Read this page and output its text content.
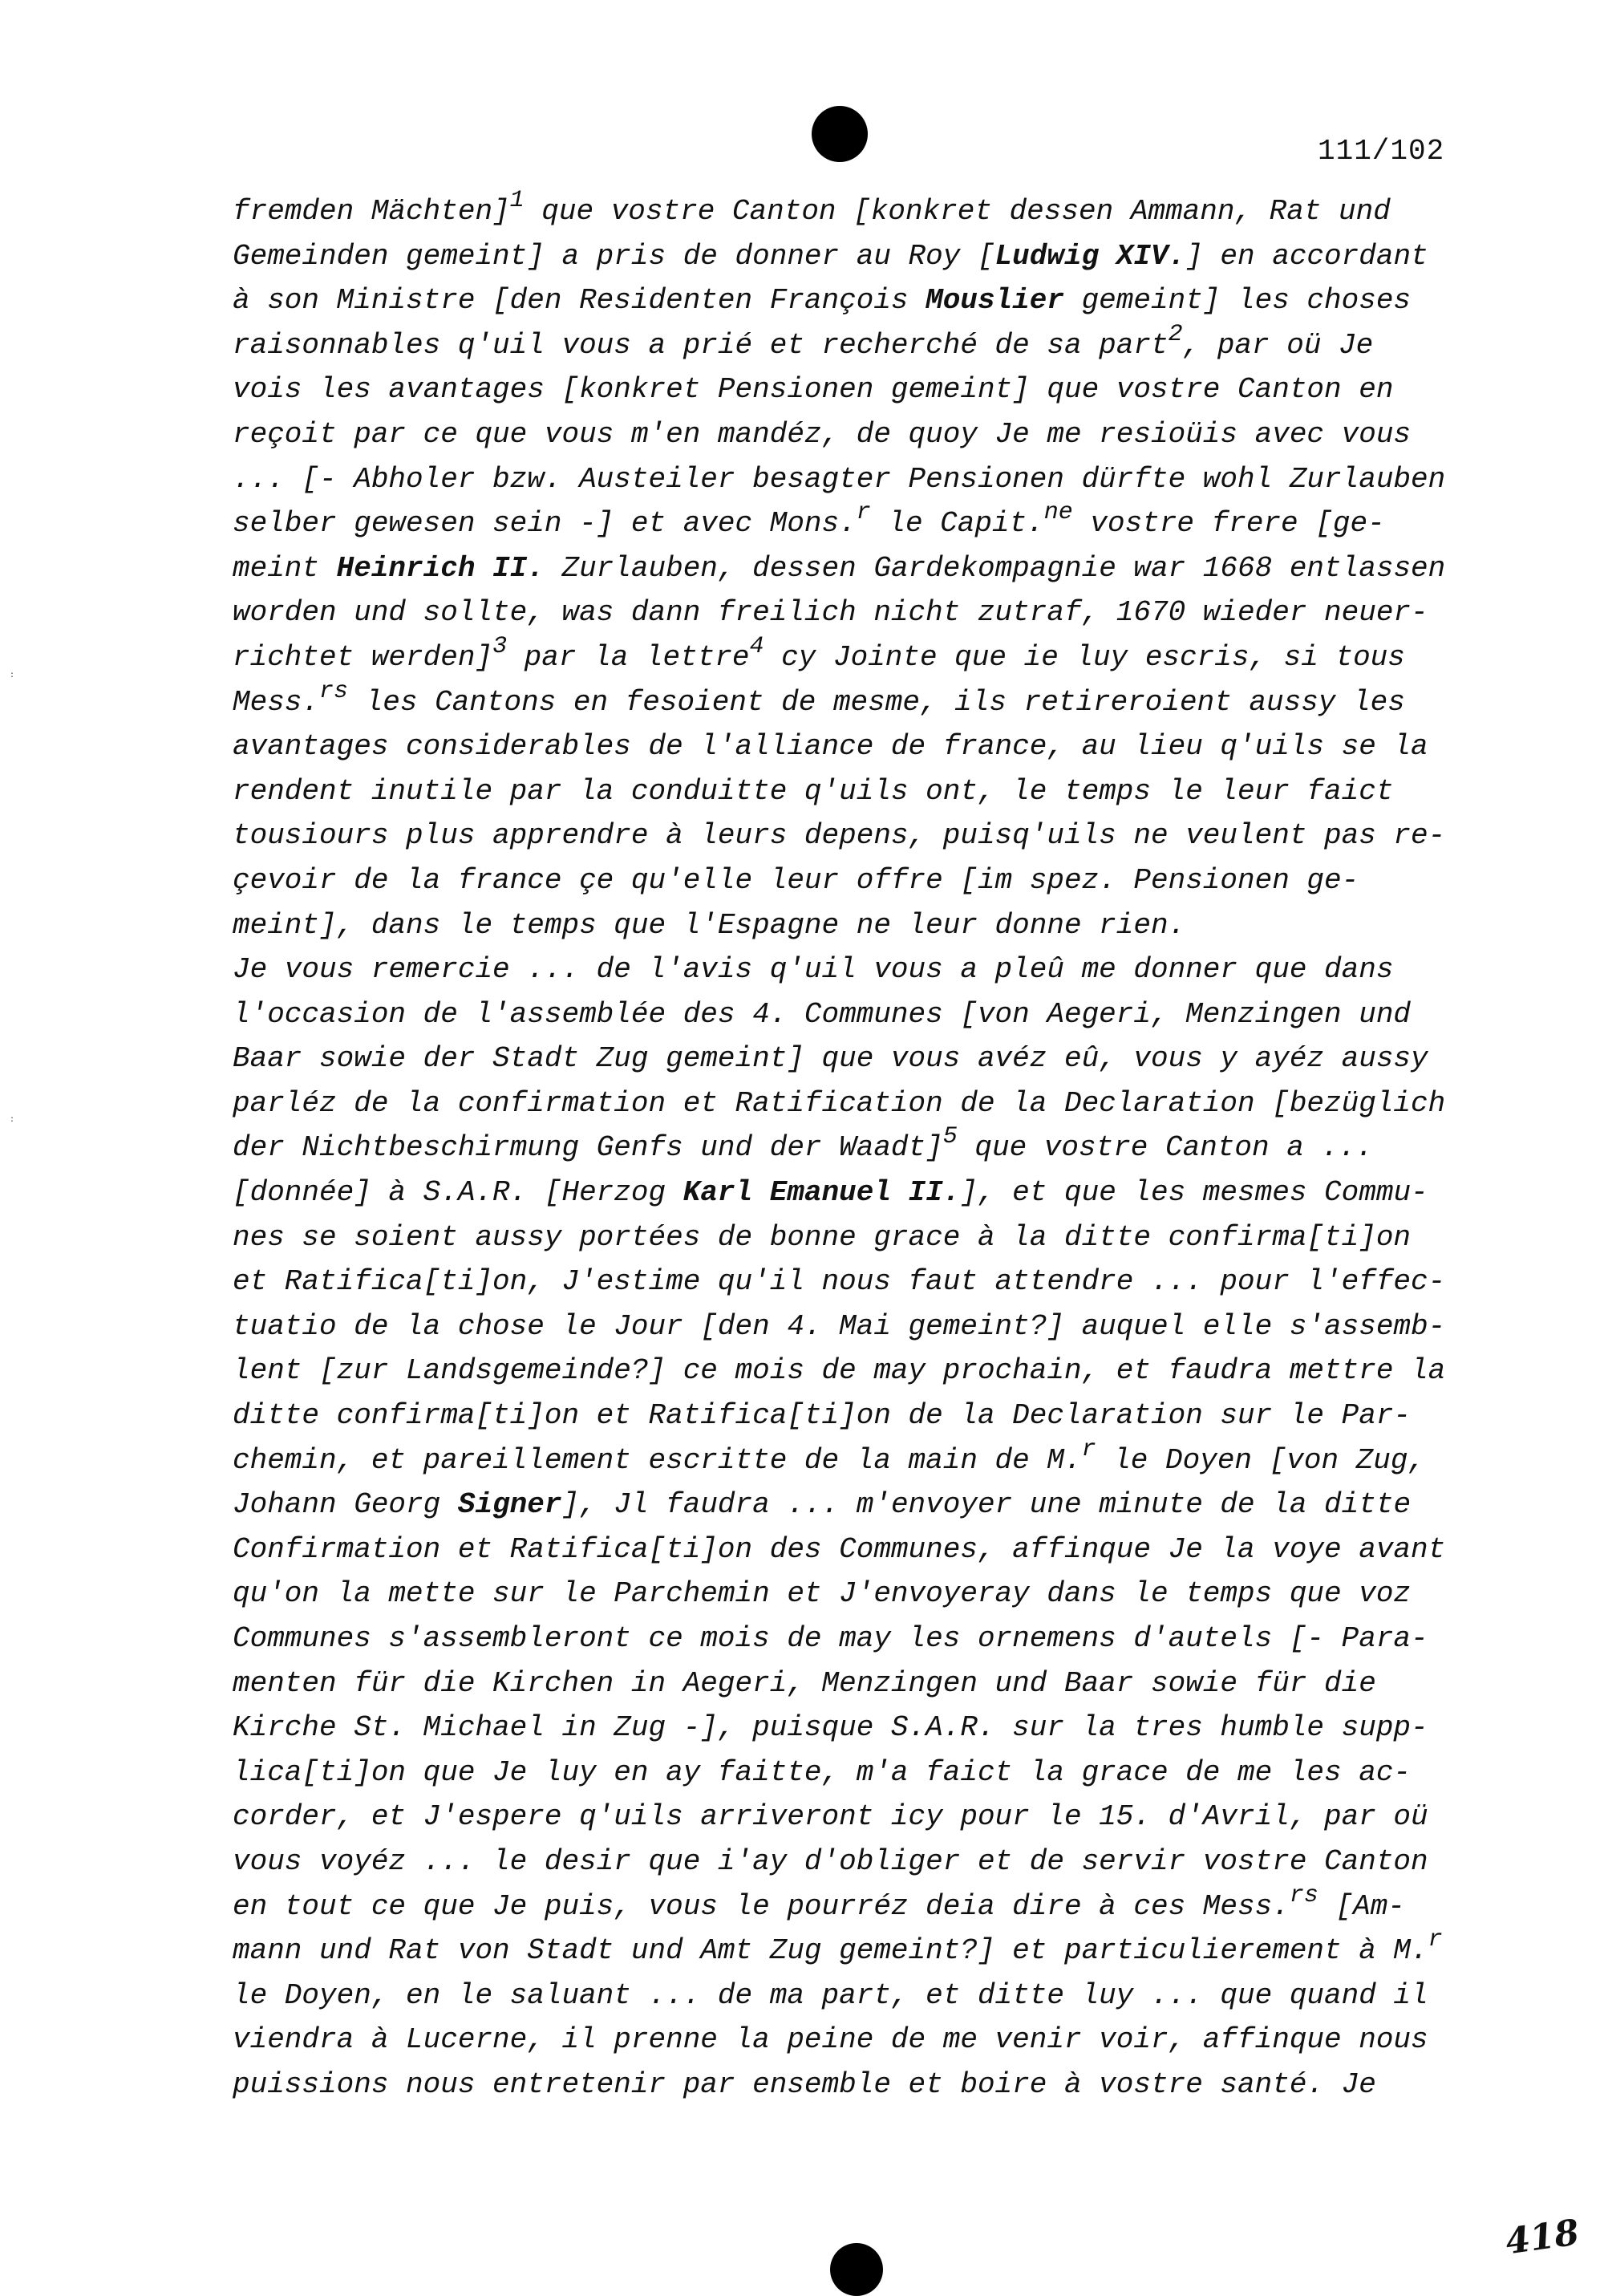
111/102
:
:
fremden Mächten]$^1$ que vostre Canton [konkret dessen Ammann, Rat und
Gemeinden gemeint] a pris de donner au Roy [Ludwig XIV.] en accordant
à son Ministre [den Residenten François Mouslier gemeint] les choses
raisonnables q'uil vous a prié et recherché de sa part$^2$, par oü Je
vois les avantages [konkret Pensionen gemeint] que vostre Canton en
reçoit par ce que vous m'en mandéz, de quoy Je me resioüis avec vous
... [- Abholer bzw. Austeiler besagter Pensionen dürfte wohl Zurlauben
selber gewesen sein -] et avec Mons.$^r$ le Capit.$^{ne}$ vostre frere [ge-
meint Heinrich II. Zurlauben, dessen Gardekompagnie war 1668 entlassen
worden und sollte, was dann freilich nicht zutraf, 1670 wieder neuer-
richtet werden]$^3$ par la lettre$^4$ cy Jointe que ie luy escris, si tous
Mess.$^{rs}$ les Cantons en fesoient de mesme, ils retireroient aussy les
avantages considerables de l'alliance de france, au lieu q'uils se la
rendent inutile par la conduitte q'uils ont, le temps le leur faict
tousiours plus apprendre à leurs depens, puisq'uils ne veulent pas re-
çevoir de la france çe qu'elle leur offre [im spez. Pensionen ge-
meint], dans le temps que l'Espagne ne leur donne rien.
Je vous remercie ... de l'avis q'uil vous a pleû me donner que dans
l'occasion de l'assemblée des 4. Communes [von Aegeri, Menzingen und
Baar sowie der Stadt Zug gemeint] que vous avéz eû, vous y ayéz aussy
parléz de la confirmation et Ratification de la Declaration [bezüglich
der Nichtbeschirmung Genfs und der Waadt]$^5$ que vostre Canton a ...
[donnée] à S.A.R. [Herzog Karl Emanuel II.], et que les mesmes Commu-
nes se soient aussy portées de bonne grace à la ditte confirma[ti]on
et Ratifica[ti]on, J'estime qu'il nous faut attendre ... pour l'effec-
tuatio de la chose le Jour [den 4. Mai gemeint?] auquel elle s'assemb-
lent [zur Landsgemeinde?] ce mois de may prochain, et faudra mettre la
ditte confirma[ti]on et Ratifica[ti]on de la Declaration sur le Par-
chemin, et pareillement escritte de la main de M.$^r$ le Doyen [von Zug,
Johann Georg Signer], Jl faudra ... m'envoyer une minute de la ditte
Confirmation et Ratifica[ti]on des Communes, affinque Je la voye avant
qu'on la mette sur le Parchemin et J'envoyeray dans le temps que voz
Communes s'assembleront ce mois de may les ornemens d'autels [- Para-
menten für die Kirchen in Aegeri, Menzingen und Baar sowie für die
Kirche St. Michael in Zug -], puisque S.A.R. sur la tres humble supp-
lica[ti]on que Je luy en ay faitte, m'a faict la grace de me les ac-
corder, et J'espere q'uils arriveront icy pour le 15. d'Avril, par oü
vous voyéz ... le desir que i'ay d'obliger et de servir vostre Canton
en tout ce que Je puis, vous le pourréz deia dire à ces Mess.$^{rs}$ [Am-
mann und Rat von Stadt und Amt Zug gemeint?] et particulierement à M.$^r$
le Doyen, en le saluant ... de ma part, et ditte luy ... que quand il
viendra à Lucerne, il prenne la peine de me venir voir, affinque nous
puissions nous entretenir par ensemble et boire à vostre santé. Je
418
